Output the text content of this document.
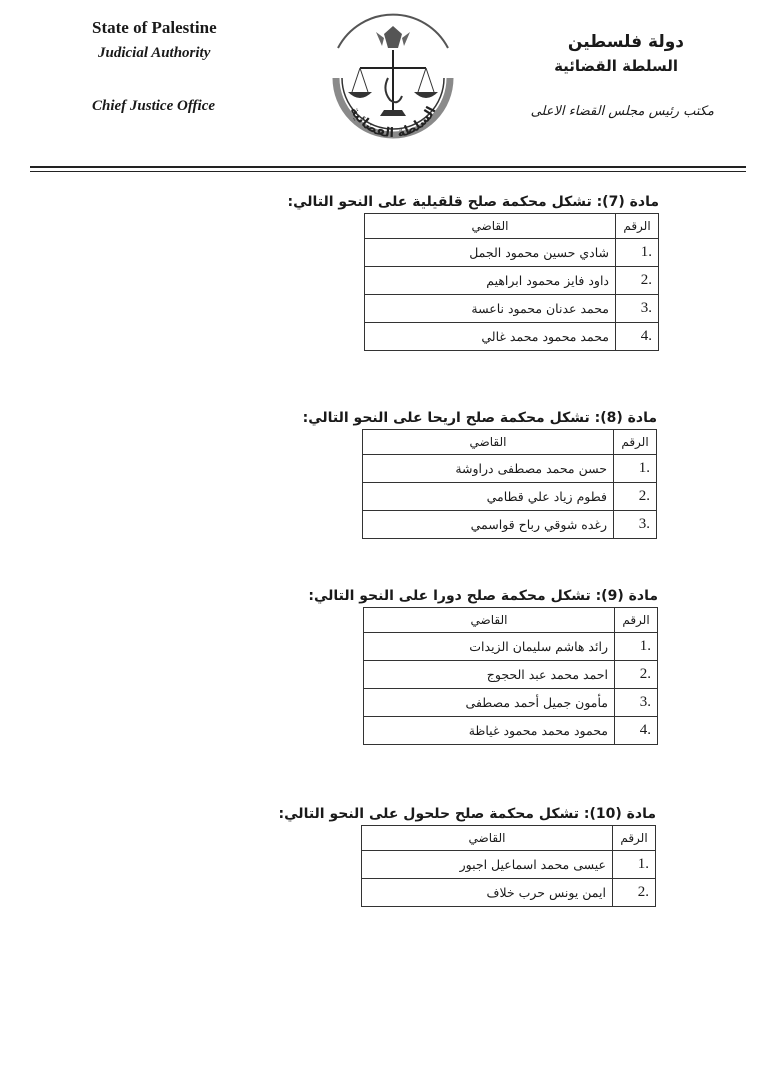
State of Palestine
Judicial Authority
Chief Justice Office	السلطة القضائية
دولة فلسطين
السلطة القضائية
مكتب رئيس مجلس القضاء الاعلى
مادة (7): تشكل محكمة صلح قلقيلية على النحو التالي:
الرقم	القاضي
1.	شادي حسين محمود الجمل
2.	داود فايز محمود ابراهيم
3.	محمد عدنان محمود ناعسة
4.	محمد محمود محمد غالي
مادة (8): تشكل محكمة صلح اريحا على النحو التالي:
الرقم	القاضي
1.	حسن محمد مصطفى دراوشة
2.	فطوم زياد علي قطامي
3.	رغده شوقي رباح قواسمي
مادة (9): تشكل محكمة صلح دورا على النحو التالي:
الرقم	القاضي
1.	رائد هاشم سليمان الزيدات
2.	احمد محمد عبد الحجوج
3.	مأمون جميل أحمد مصطفى
4.	محمود محمد محمود غياظة
مادة (10): تشكل محكمة صلح حلحول على النحو التالي:
الرقم	القاضي
1.	عيسى محمد اسماعيل اجبور
2.	ايمن يونس حرب خلاف
